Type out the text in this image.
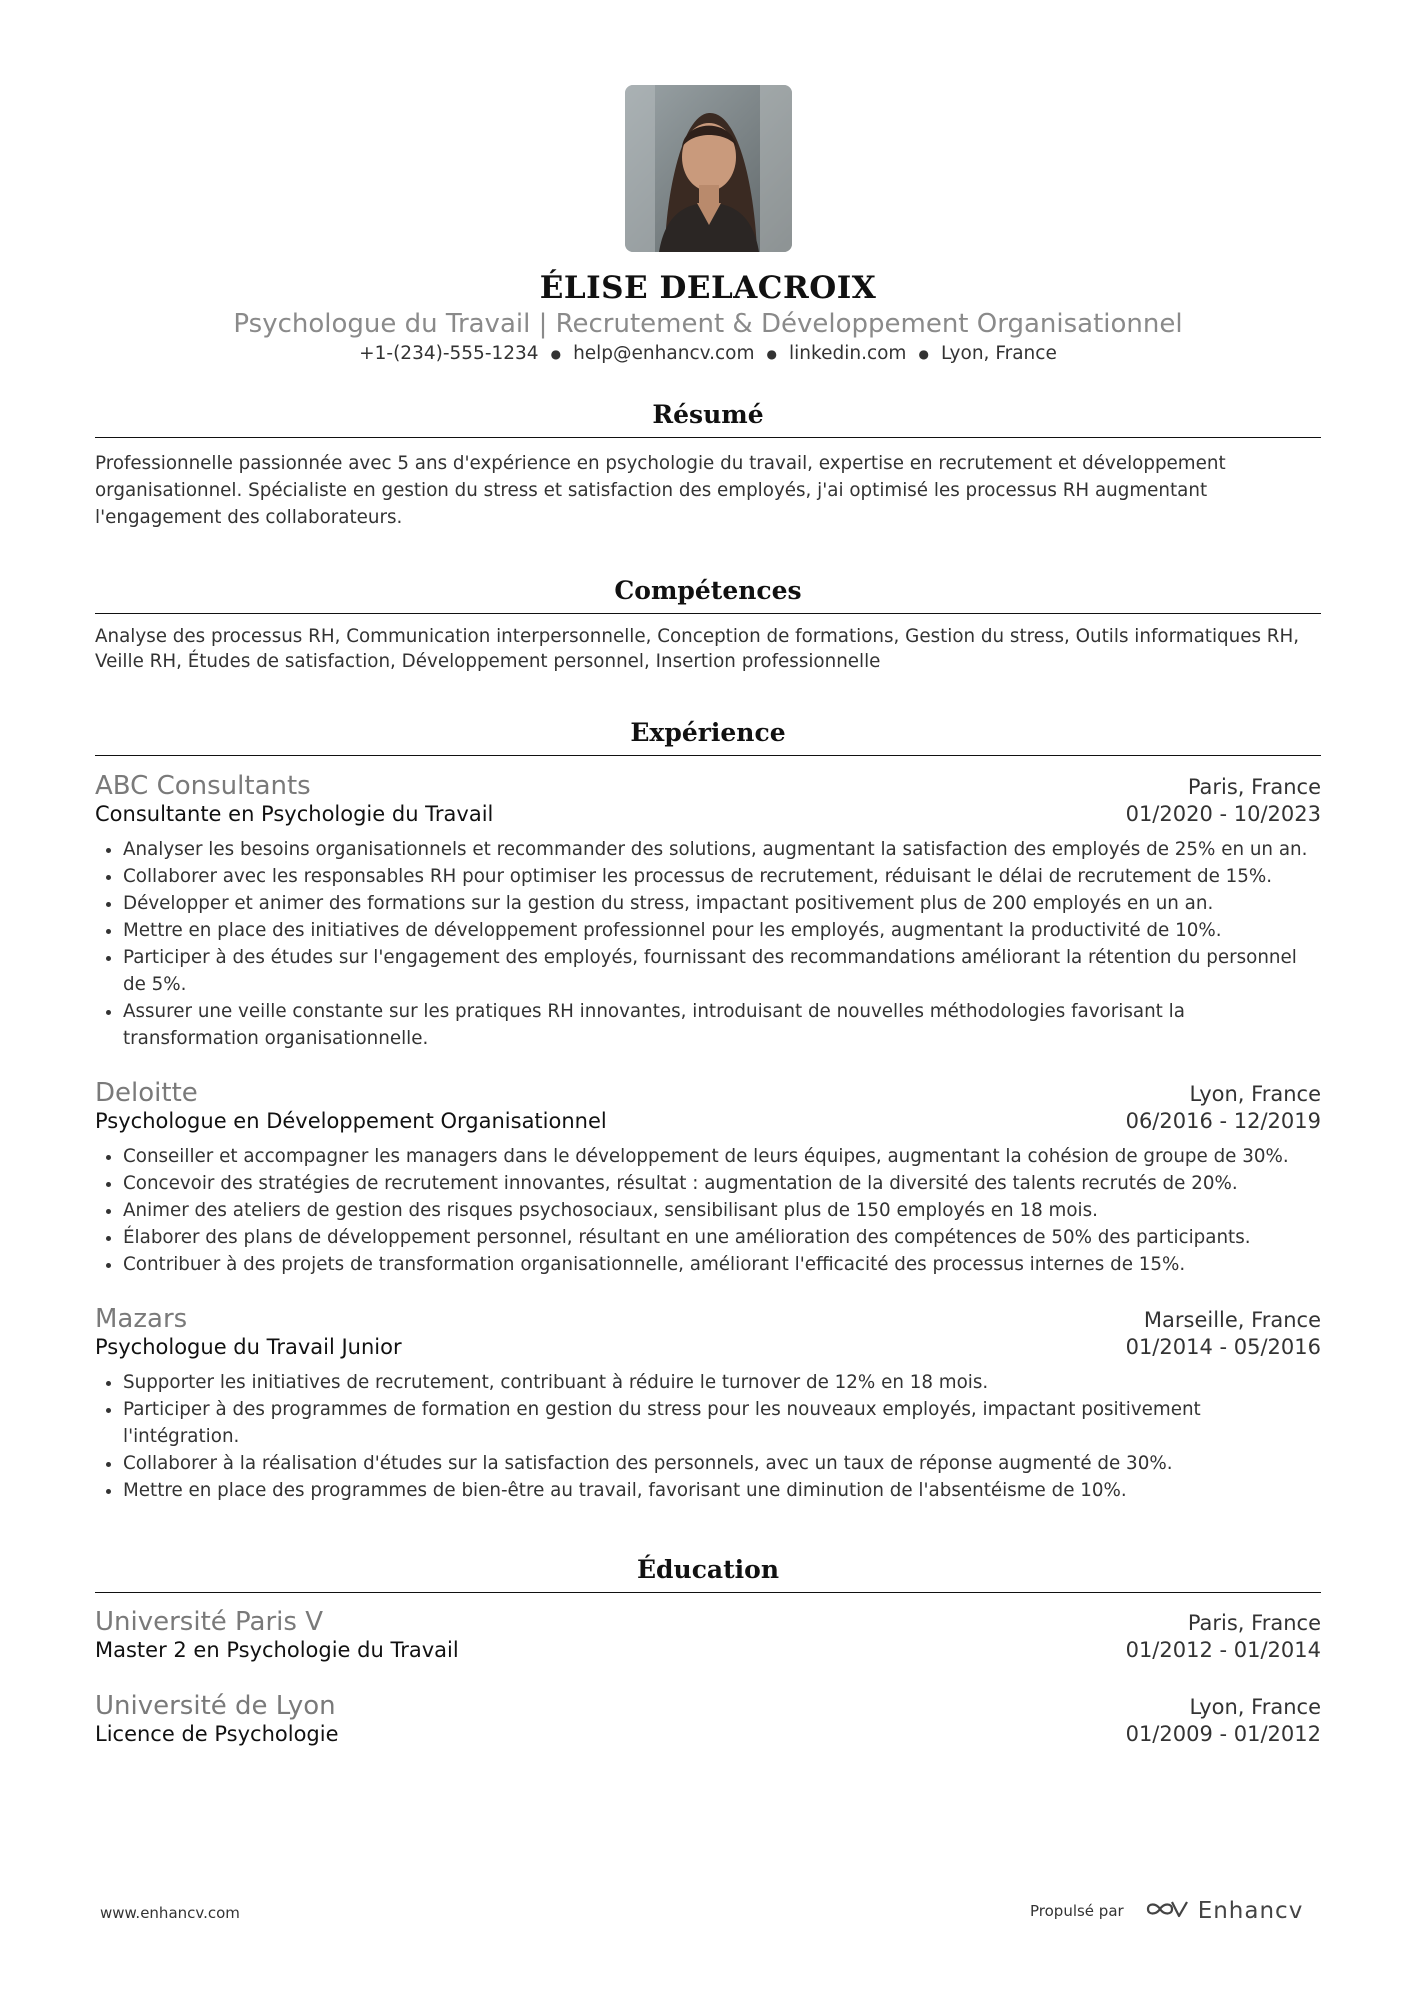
ÉLISE DELACROIX
Psychologue du Travail | Recrutement & Développement Organisationnel
+1-(234)-555-1234 ● help@enhancv.com ● linkedin.com ● Lyon, France
Résumé
Professionnelle passionnée avec 5 ans d'expérience en psychologie du travail, expertise en recrutement et développement organisationnel. Spécialiste en gestion du stress et satisfaction des employés, j'ai optimisé les processus RH augmentant l'engagement des collaborateurs.
Compétences
Analyse des processus RH, Communication interpersonnelle, Conception de formations, Gestion du stress, Outils informatiques RH, Veille RH, Études de satisfaction, Développement personnel, Insertion professionnelle
Expérience
ABC Consultants	Paris, France
Consultante en Psychologie du Travail	01/2020 - 10/2023
• Analyser les besoins organisationnels et recommander des solutions, augmentant la satisfaction des employés de 25% en un an.
• Collaborer avec les responsables RH pour optimiser les processus de recrutement, réduisant le délai de recrutement de 15%.
• Développer et animer des formations sur la gestion du stress, impactant positivement plus de 200 employés en un an.
• Mettre en place des initiatives de développement professionnel pour les employés, augmentant la productivité de 10%.
• Participer à des études sur l'engagement des employés, fournissant des recommandations améliorant la rétention du personnel de 5%.
• Assurer une veille constante sur les pratiques RH innovantes, introduisant de nouvelles méthodologies favorisant la transformation organisationnelle.
Deloitte	Lyon, France
Psychologue en Développement Organisationnel	06/2016 - 12/2019
• Conseiller et accompagner les managers dans le développement de leurs équipes, augmentant la cohésion de groupe de 30%.
• Concevoir des stratégies de recrutement innovantes, résultat : augmentation de la diversité des talents recrutés de 20%.
• Animer des ateliers de gestion des risques psychosociaux, sensibilisant plus de 150 employés en 18 mois.
• Élaborer des plans de développement personnel, résultant en une amélioration des compétences de 50% des participants.
• Contribuer à des projets de transformation organisationnelle, améliorant l'efficacité des processus internes de 15%.
Mazars	Marseille, France
Psychologue du Travail Junior	01/2014 - 05/2016
• Supporter les initiatives de recrutement, contribuant à réduire le turnover de 12% en 18 mois.
• Participer à des programmes de formation en gestion du stress pour les nouveaux employés, impactant positivement l'intégration.
• Collaborer à la réalisation d'études sur la satisfaction des personnels, avec un taux de réponse augmenté de 30%.
• Mettre en place des programmes de bien-être au travail, favorisant une diminution de l'absentéisme de 10%.
Éducation
Université Paris V	Paris, France
Master 2 en Psychologie du Travail	01/2012 - 01/2014
Université de Lyon	Lyon, France
Licence de Psychologie	01/2009 - 01/2012
www.enhancv.com	Propulsé par	Enhancv
